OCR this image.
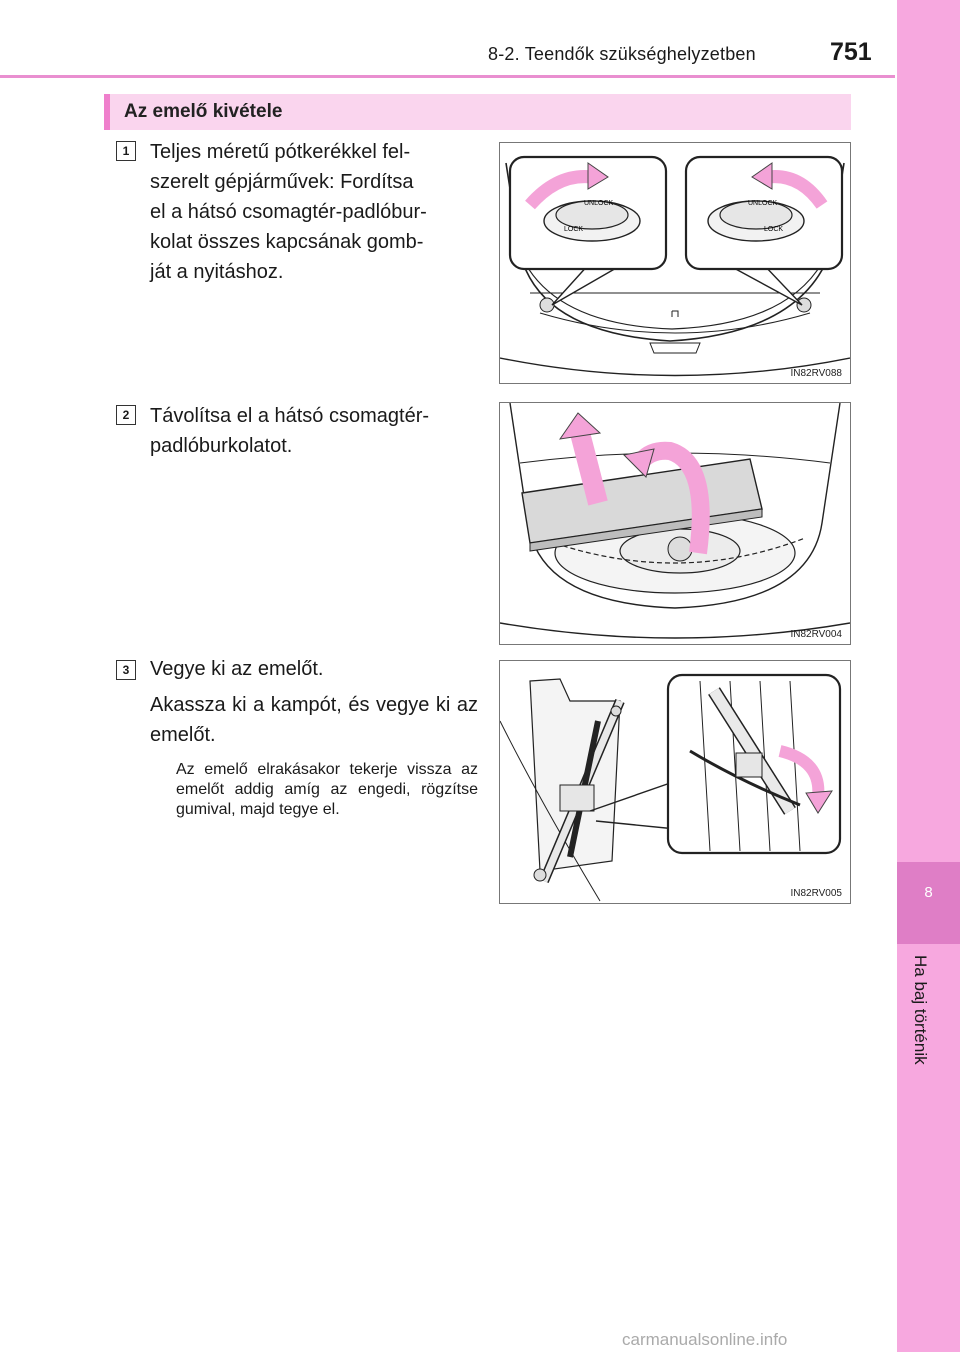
8-2. Teendők szükséghelyzetben	751
8
Ha baj történik
Az emelő kivétele
1	Teljes méretű pótkerékkel fel-
szerelt gépjárművek: Fordítsa
el a hátsó csomagtér-padlóbur-
kolat összes kapcsának gomb-
ját a nyitáshoz.
UNLOCK
LOCK
UNLOCK
LOCK
IN82RV088
2	Távolítsa el a hátsó csomagtér-
padlóburkolatot.
IN82RV004
3	Vegye ki az emelőt.
Akassza ki a kampót, és vegye ki az emelőt.
Az emelő elrakásakor tekerje vissza az emelőt addig amíg az engedi, rögzítse gumival, majd tegye el.
IN82RV005
carmanualsonline.info
